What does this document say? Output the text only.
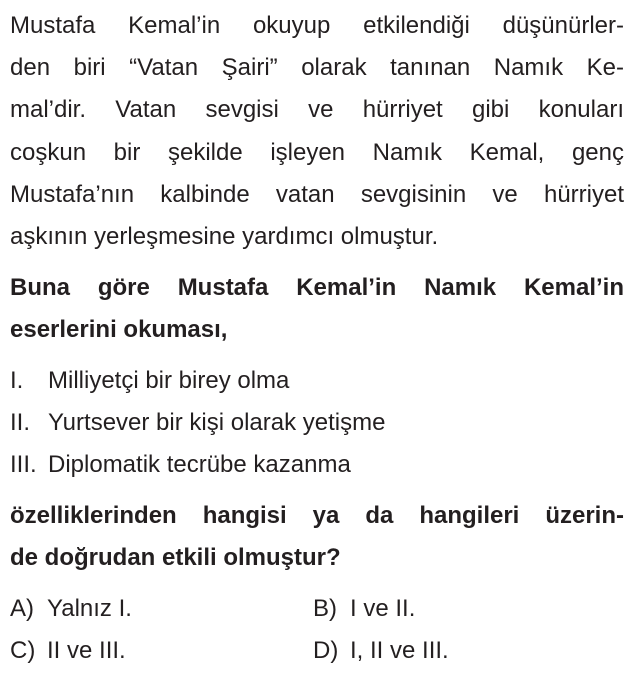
Mustafa Kemal’in okuyup etkilendiği düşünürler-
den biri “Vatan Şairi” olarak tanınan Namık Ke-
mal’dir. Vatan sevgisi ve hürriyet gibi konuları
coşkun bir şekilde işleyen Namık Kemal, genç
Mustafa’nın kalbinde vatan sevgisinin ve hürriyet
aşkının yerleşmesine yardımcı olmuştur.
Buna göre Mustafa Kemal’in Namık Kemal’in
eserlerini okuması,
I. Milliyetçi bir birey olma
II. Yurtsever bir kişi olarak yetişme
III. Diplomatik tecrübe kazanma
özelliklerinden hangisi ya da hangileri üzerin-
de doğrudan etkili olmuştur?
A) Yalnız I.	B) I ve II.
C) II ve III.	D) I, II ve III.
